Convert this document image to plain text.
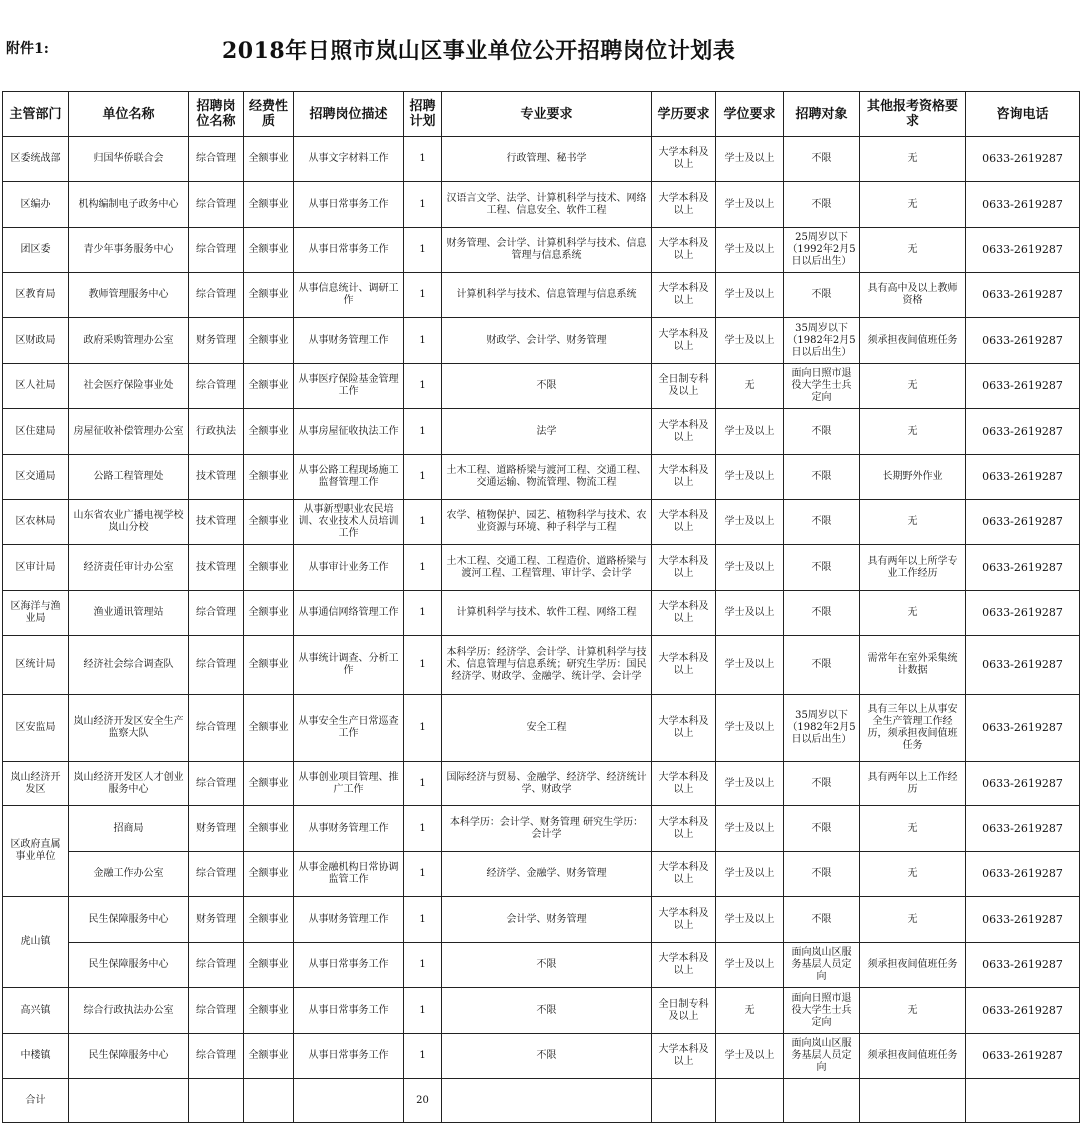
附件1:	2018年日照市岚山区事业单位公开招聘岗位计划表
主管部门	单位名称	招聘岗位名称	经费性质	招聘岗位描述	招聘计划	专业要求	学历要求	学位要求	招聘对象	其他报考资格要求	咨询电话
区委统战部	归国华侨联合会	综合管理	全额事业	从事文字材料工作	1	行政管理、秘书学	大学本科及以上	学士及以上	不限	无	0633-2619287
区编办	机构编制电子政务中心	综合管理	全额事业	从事日常事务工作	1	汉语言文学、法学、计算机科学与技术、网络工程、信息安全、软件工程	大学本科及以上	学士及以上	不限	无	0633-2619287
团区委	青少年事务服务中心	综合管理	全额事业	从事日常事务工作	1	财务管理、会计学、计算机科学与技术、信息管理与信息系统	大学本科及以上	学士及以上	25周岁以下（1992年2月5日以后出生）	无	0633-2619287
区教育局	教师管理服务中心	综合管理	全额事业	从事信息统计、调研工作	1	计算机科学与技术、信息管理与信息系统	大学本科及以上	学士及以上	不限	具有高中及以上教师资格	0633-2619287
区财政局	政府采购管理办公室	财务管理	全额事业	从事财务管理工作	1	财政学、会计学、财务管理	大学本科及以上	学士及以上	35周岁以下（1982年2月5日以后出生）	须承担夜间值班任务	0633-2619287
区人社局	社会医疗保险事业处	综合管理	全额事业	从事医疗保险基金管理工作	1	不限	全日制专科及以上	无	面向日照市退役大学生士兵定向	无	0633-2619287
区住建局	房屋征收补偿管理办公室	行政执法	全额事业	从事房屋征收执法工作	1	法学	大学本科及以上	学士及以上	不限	无	0633-2619287
区交通局	公路工程管理处	技术管理	全额事业	从事公路工程现场施工监督管理工作	1	土木工程、道路桥梁与渡河工程、交通工程、交通运输、物流管理、物流工程	大学本科及以上	学士及以上	不限	长期野外作业	0633-2619287
区农林局	山东省农业广播电视学校岚山分校	技术管理	全额事业	从事新型职业农民培训、农业技术人员培训工作	1	农学、植物保护、园艺、植物科学与技术、农业资源与环境、种子科学与工程	大学本科及以上	学士及以上	不限	无	0633-2619287
区审计局	经济责任审计办公室	技术管理	全额事业	从事审计业务工作	1	土木工程、交通工程、工程造价、道路桥梁与渡河工程、工程管理、审计学、会计学	大学本科及以上	学士及以上	不限	具有两年以上所学专业工作经历	0633-2619287
区海洋与渔业局	渔业通讯管理站	综合管理	全额事业	从事通信网络管理工作	1	计算机科学与技术、软件工程、网络工程	大学本科及以上	学士及以上	不限	无	0633-2619287
区统计局	经济社会综合调查队	综合管理	全额事业	从事统计调查、分析工作	1	本科学历：经济学、会计学、计算机科学与技术、信息管理与信息系统；研究生学历：国民经济学、财政学、金融学、统计学、会计学	大学本科及以上	学士及以上	不限	需常年在室外采集统计数据	0633-2619287
区安监局	岚山经济开发区安全生产监察大队	综合管理	全额事业	从事安全生产日常巡查工作	1	安全工程	大学本科及以上	学士及以上	35周岁以下（1982年2月5日以后出生）	具有三年以上从事安全生产管理工作经历，须承担夜间值班任务	0633-2619287
岚山经济开发区	岚山经济开发区人才创业服务中心	综合管理	全额事业	从事创业项目管理、推广工作	1	国际经济与贸易、金融学、经济学、经济统计学、财政学	大学本科及以上	学士及以上	不限	具有两年以上工作经历	0633-2619287
区政府直属事业单位	招商局	财务管理	全额事业	从事财务管理工作	1	本科学历：会计学、财务管理 研究生学历：会计学	大学本科及以上	学士及以上	不限	无	0633-2619287
	金融工作办公室	综合管理	全额事业	从事金融机构日常协调监管工作	1	经济学、金融学、财务管理	大学本科及以上	学士及以上	不限	无	0633-2619287
虎山镇	民生保障服务中心	财务管理	全额事业	从事财务管理工作	1	会计学、财务管理	大学本科及以上	学士及以上	不限	无	0633-2619287
	民生保障服务中心	综合管理	全额事业	从事日常事务工作	1	不限	大学本科及以上	学士及以上	面向岚山区服务基层人员定向	须承担夜间值班任务	0633-2619287
高兴镇	综合行政执法办公室	综合管理	全额事业	从事日常事务工作	1	不限	全日制专科及以上	无	面向日照市退役大学生士兵定向	无	0633-2619287
中楼镇	民生保障服务中心	综合管理	全额事业	从事日常事务工作	1	不限	大学本科及以上	学士及以上	面向岚山区服务基层人员定向	须承担夜间值班任务	0633-2619287
合计					20						
